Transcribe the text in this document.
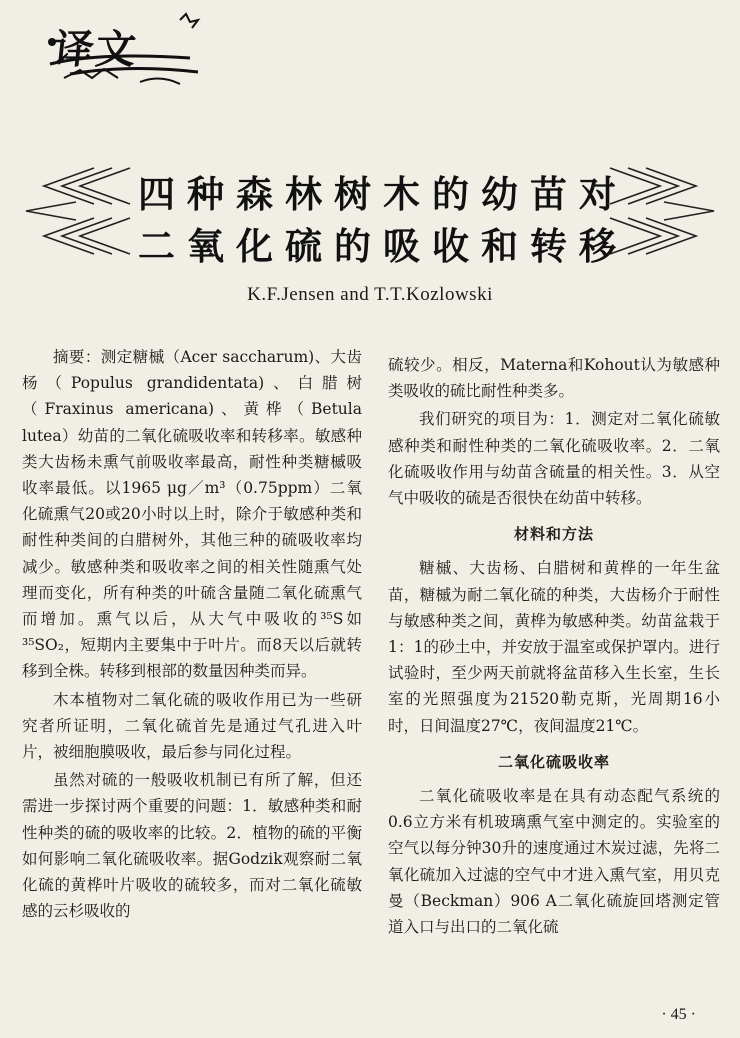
译文
四种森林树木的幼苗对
二氧化硫的吸收和转移
K.F.Jensen and T.T.Kozlowski

摘要：测定糖槭（Acer saccharum)、大齿杨（Populus grandidentata)、白腊树（Fraxinus americana)、黄桦（Betula lutea）幼苗的二氧化硫吸收率和转移率。敏感种类大齿杨未熏气前吸收率最高，耐性种类糖槭吸收率最低。以1965 μg／m³（0.75ppm）二氧化硫熏气20或20小时以上时，除介于敏感种类和耐性种类间的白腊树外，其他三种的硫吸收率均减少。敏感种类和吸收率之间的相关性随熏气处理而变化，所有种类的叶硫含量随二氧化硫熏气而增加。熏气以后，从大气中吸收的³⁵S如³⁵SO₂，短期内主要集中于叶片。而8天以后就转移到全株。转移到根部的数量因种类而异。

木本植物对二氧化硫的吸收作用已为一些研究者所证明，二氧化硫首先是通过气孔进入叶片，被细胞膜吸收，最后参与同化过程。

虽然对硫的一般吸收机制已有所了解，但还需进一步探讨两个重要的问题：1．敏感种类和耐性种类的硫的吸收率的比较。2．植物的硫的平衡如何影响二氧化硫吸收率。据Godzik观察耐二氧化硫的黄桦叶片吸收的硫较多，而对二氧化硫敏感的云杉吸收的

硫较少。相反，Materna和Kohout认为敏感种类吸收的硫比耐性种类多。

我们研究的项目为：1．测定对二氧化硫敏感种类和耐性种类的二氧化硫吸收率。2．二氧化硫吸收作用与幼苗含硫量的相关性。3．从空气中吸收的硫是否很快在幼苗中转移。

材料和方法

糖槭、大齿杨、白腊树和黄桦的一年生盆苗，糖槭为耐二氧化硫的种类，大齿杨介于耐性与敏感种类之间，黄桦为敏感种类。幼苗盆栽于1：1的砂土中，并安放于温室或保护罩内。进行试验时，至少两天前就将盆苗移入生长室，生长室的光照强度为21520勒克斯，光周期16小时，日间温度27℃，夜间温度21℃。

二氧化硫吸收率

二氧化硫吸收率是在具有动态配气系统的0.6立方米有机玻璃熏气室中测定的。实验室的空气以每分钟30升的速度通过木炭过滤，先将二氧化硫加入过滤的空气中才进入熏气室，用贝克曼（Beckman）906 A二氧化硫旋回塔测定管道入口与出口的二氧化硫

· 45 ·
